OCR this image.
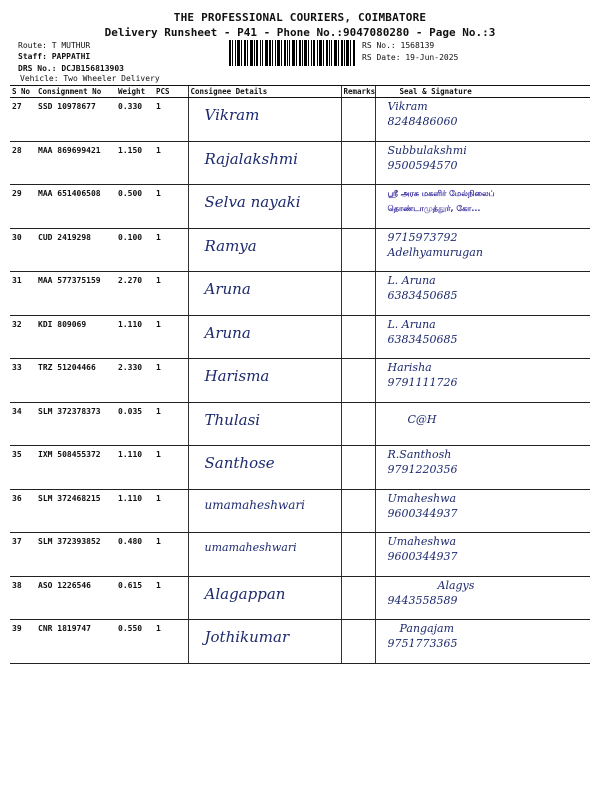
THE PROFESSIONAL COURIERS, COIMBATORE
Delivery Runsheet - P41 - Phone No.:9047080280 - Page No.:3
Route: T MUTHUR
Staff: PAPPATHI
DRS No.: DCJB156813903
Vehicle: Two Wheeler Delivery
RS No.: 1568139
RS Date: 19-Jun-2025
S No	Consignment No	Weight	PCS	Consignee Details	Remarks	Seal & Signature
27	SSD 10978677	0.330	1	Vikram		Vikram
8248486060

28	MAA 869699421	1.150	1	Rajalakshmi		Subbulakshmi
9500594570

29	MAA 651406508	0.500	1	Selva nayaki		ஸ்ரீ அரசு மகளிர் மேல்நிலைப்
தொண்டாமுத்தூர், கோ...

30	CUD 2419298	0.100	1	Ramya		9715973792
Adelhyamurugan

31	MAA 577375159	2.270	1	Aruna		L. Aruna
6383450685

32	KDI 809069	1.110	1	Aruna		L. Aruna
6383450685

33	TRZ 51204466	2.330	1	Harisma		Harisha
9791111726

34	SLM 372378373	0.035	1	Thulasi		C@H

35	IXM 508455372	1.110	1	Santhose		R.Santhosh
9791220356

36	SLM 372468215	1.110	1	umamaheshwari		Umaheshwa
9600344937

37	SLM 372393852	0.480	1	umamaheshwari		Umaheshwa
9600344937

38	ASO 1226546	0.615	1	Alagappan		Alagys
9443558589

39	CNR 1819747	0.550	1	Jothikumar		Pangajam
9751773365
